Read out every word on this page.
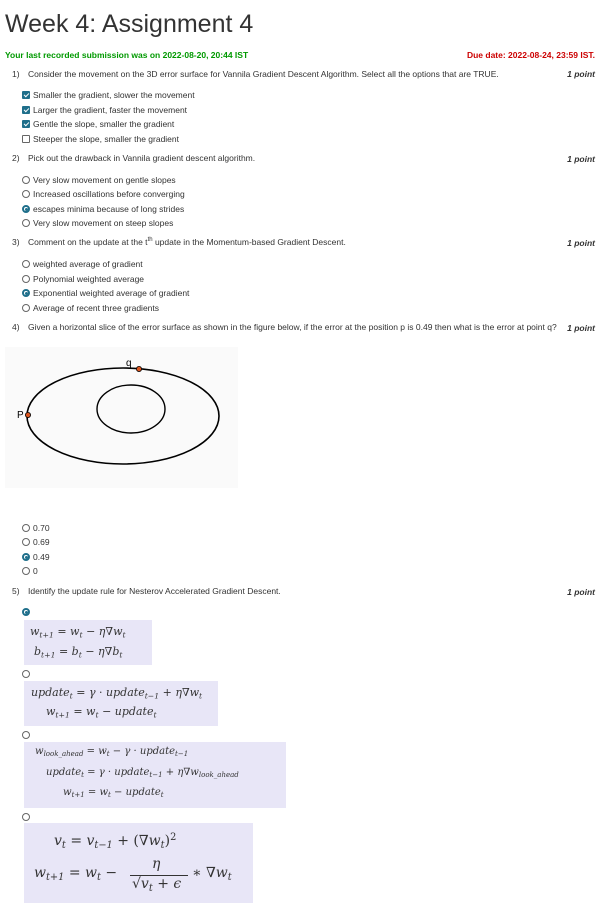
Week 4: Assignment 4
Your last recorded submission was on 2022-08-20, 20:44 IST	Due date: 2022-08-24, 23:59 IST.
1) Consider the movement on the 3D error surface for Vannila Gradient Descent Algorithm. Select all the options that are TRUE.	1 point
Smaller the gradient, slower the movement
Larger the gradient, faster the movement
Gentle the slope, smaller the gradient
Steeper the slope, smaller the gradient
2) Pick out the drawback in Vannila gradient descent algorithm.	1 point
Very slow movement on gentle slopes
Increased oscillations before converging
escapes minima because of long strides
Very slow movement on steep slopes
3) Comment on the update at the $t^{th}$ update in the Momentum-based Gradient Descent.	1 point
weighted average of gradient
Polynomial weighted average
Exponential weighted average of gradient
Average of recent three gradients
4) Given a horizontal slice of the error surface as shown in the figure below, if the error at the position p is 0.49 then what is the error at point q? 1 point
P
q
0.70
0.69
0.49
0
5) Identify the update rule for Nesterov Accelerated Gradient Descent.	1 point
$w_{t+1} = w_t - \eta\nabla w_t$
$b_{t+1} = b_t - \eta\nabla b_t$
update$_t$ = γ · update$_{t-1}$ + $\eta\nabla w_t$
$w_{t+1} = w_t$ − update$_t$
$w_{look\_ahead} = w_t - \gamma$ · update$_{t-1}$
update$_t$ = γ · update$_{t-1}$ + $\eta\nabla w_{look\_ahead}$
$w_{t+1} = w_t$ − update$_t$
$v_t = v_{t-1} + (\nabla w_t)^2$
$w_{t+1} = w_t$ −
η
$√v_t + \epsilon$
∗ $\nabla w_t$
